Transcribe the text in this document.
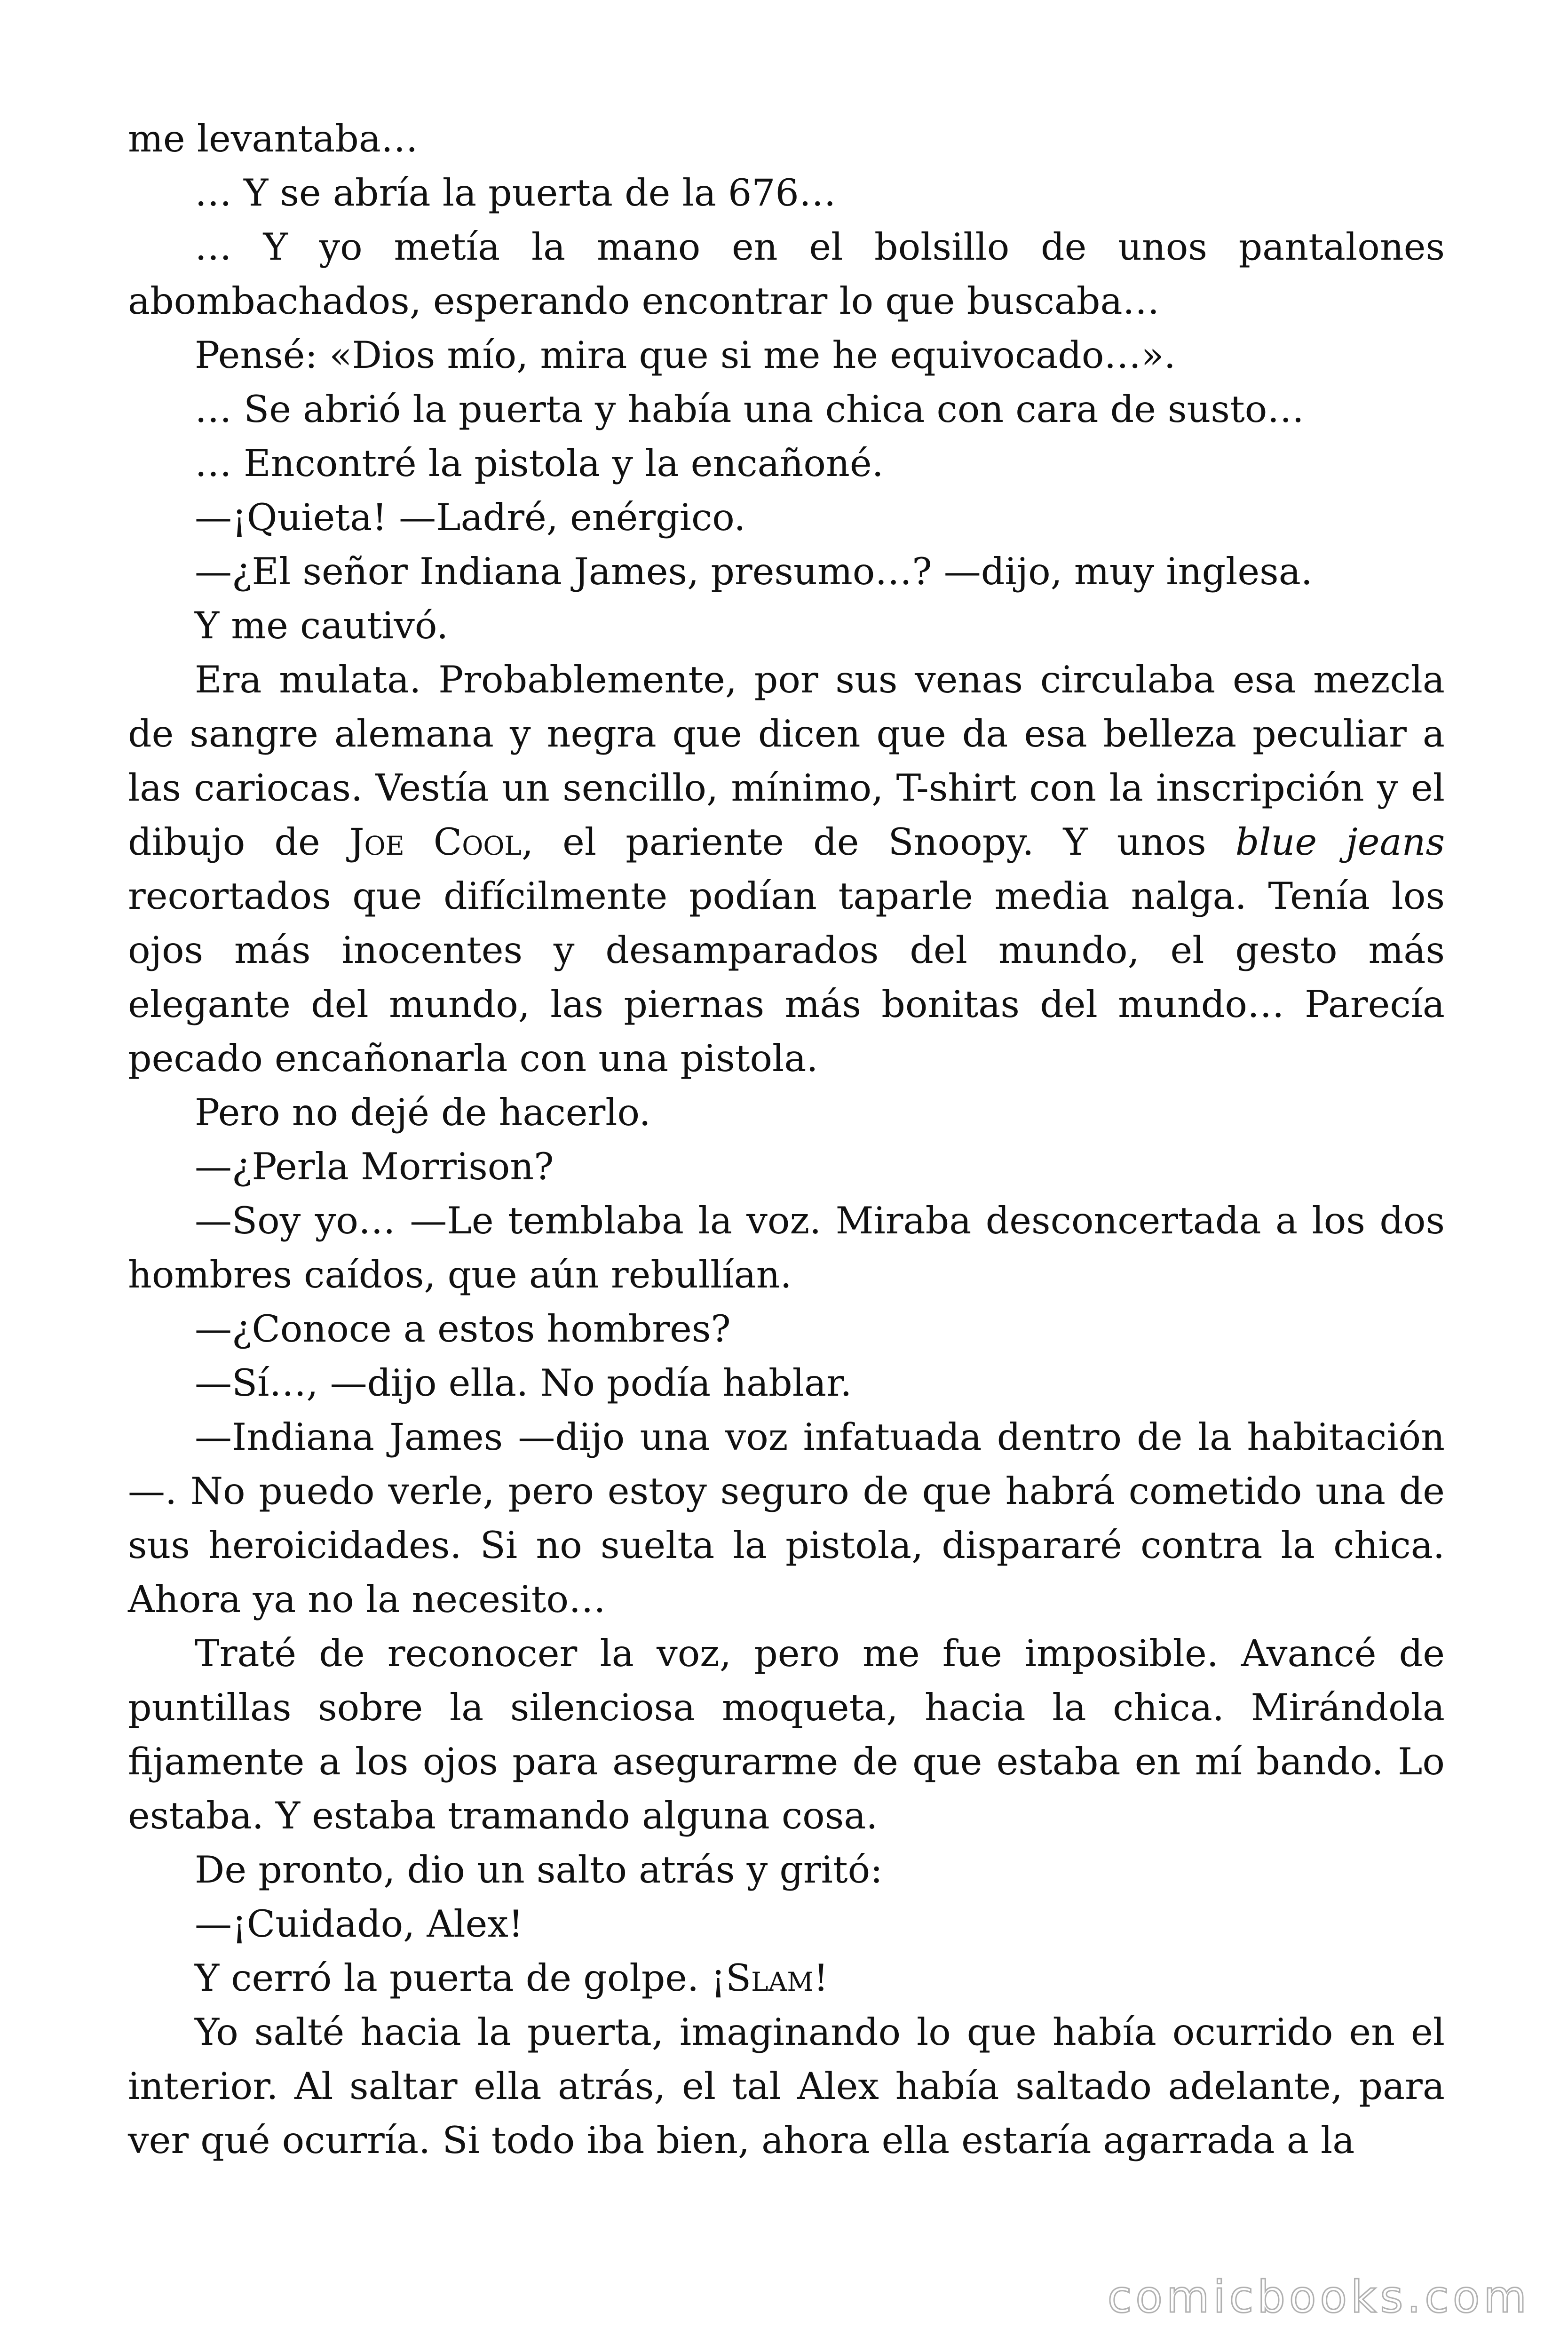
me levantaba…

… Y se abría la puerta de la 676…

… Y yo metía la mano en el bolsillo de unos pantalones abombachados, esperando encontrar lo que buscaba…

Pensé: «Dios mío, mira que si me he equivocado…».

… Se abrió la puerta y había una chica con cara de susto…

… Encontré la pistola y la encañoné.

—¡Quieta! —Ladré, enérgico.

—¿El señor Indiana James, presumo…? —dijo, muy inglesa.

Y me cautivó.

Era mulata. Probablemente, por sus venas circulaba esa mezcla de sangre alemana y negra que dicen que da esa belleza peculiar a las cariocas. Vestía un sencillo, mínimo, T-shirt con la inscripción y el dibujo de Joe Cool, el pariente de Snoopy. Y unos blue jeans recortados que difícilmente podían taparle media nalga. Tenía los ojos más inocentes y desamparados del mundo, el gesto más elegante del mundo, las piernas más bonitas del mundo… Parecía pecado encañonarla con una pistola.

Pero no dejé de hacerlo.

—¿Perla Morrison?

—Soy yo… —Le temblaba la voz. Miraba desconcertada a los dos hombres caídos, que aún rebullían.

—¿Conoce a estos hombres?

—Sí…, —dijo ella. No podía hablar.

—Indiana James —dijo una voz infatuada dentro de la habitación—. No puedo verle, pero estoy seguro de que habrá cometido una de sus heroicidades. Si no suelta la pistola, dispararé contra la chica. Ahora ya no la necesito…

Traté de reconocer la voz, pero me fue imposible. Avancé de puntillas sobre la silenciosa moqueta, hacia la chica. Mirándola fijamente a los ojos para asegurarme de que estaba en mí bando. Lo estaba. Y estaba tramando alguna cosa.

De pronto, dio un salto atrás y gritó:

—¡Cuidado, Alex!

Y cerró la puerta de golpe. ¡Slam!

Yo salté hacia la puerta, imaginando lo que había ocurrido en el interior. Al saltar ella atrás, el tal Alex había saltado adelante, para ver qué ocurría. Si todo iba bien, ahora ella estaría agarrada a la

comicbooks.com
